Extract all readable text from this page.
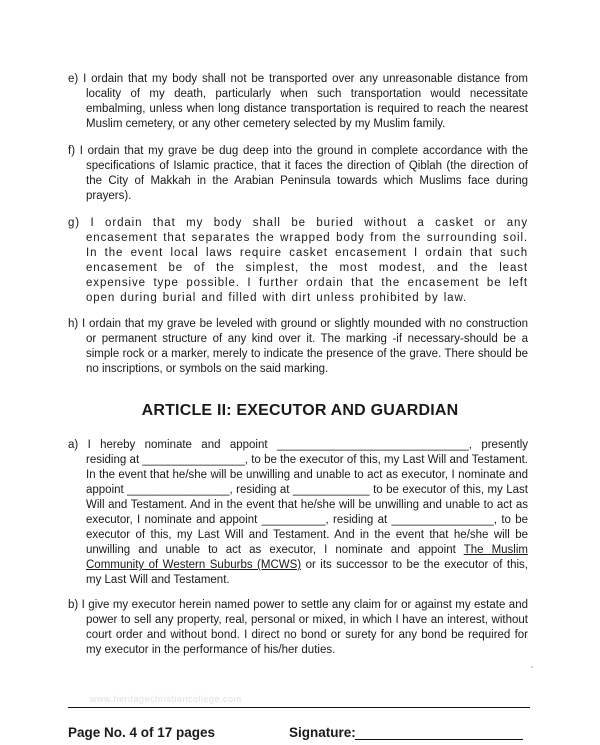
e) I ordain that my body shall not be transported over any unreasonable distance from locality of my death, particularly when such transportation would necessitate embalming, unless when long distance transportation is required to reach the nearest Muslim cemetery, or any other cemetery selected by my Muslim family.
f) I ordain that my grave be dug deep into the ground in complete accordance with the specifications of Islamic practice, that it faces the direction of Qiblah (the direction of the City of Makkah in the Arabian Peninsula towards which Muslims face during prayers).
g) I ordain that my body shall be buried without a casket or any encasement that separates the wrapped body from the surrounding soil. In the event local laws require casket encasement I ordain that such encasement be of the simplest, the most modest, and the least expensive type possible. I further ordain that the encasement be left open during burial and filled with dirt unless prohibited by law.
h) I ordain that my grave be leveled with ground or slightly mounded with no construction or permanent structure of any kind over it. The marking -if necessary-should be a simple rock or a marker, merely to indicate the presence of the grave. There should be no inscriptions, or symbols on the said marking.
ARTICLE II: EXECUTOR AND GUARDIAN
a) I hereby nominate and appoint ______________________________, presently residing at ________________, to be the executor of this, my Last Will and Testament. In the event that he/she will be unwilling and unable to act as executor, I nominate and appoint ________________, residing at ____________ to be executor of this, my Last Will and Testament. And in the event that he/she will be unwilling and unable to act as executor, I nominate and appoint __________, residing at ________________, to be executor of this, my Last Will and Testament. And in the event that he/she will be unwilling and unable to act as executor, I nominate and appoint The Muslim Community of Western Suburbs (MCWS) or its successor to be the executor of this, my Last Will and Testament.
b) I give my executor herein named power to settle any claim for or against my estate and power to sell any property, real, personal or mixed, in which I have an interest, without court order and without bond. I direct no bond or surety for any bond be required for my executor in the performance of his/her duties.
www.heritagechristiancollege.com
Page No. 4 of 17 pages	Signature:
